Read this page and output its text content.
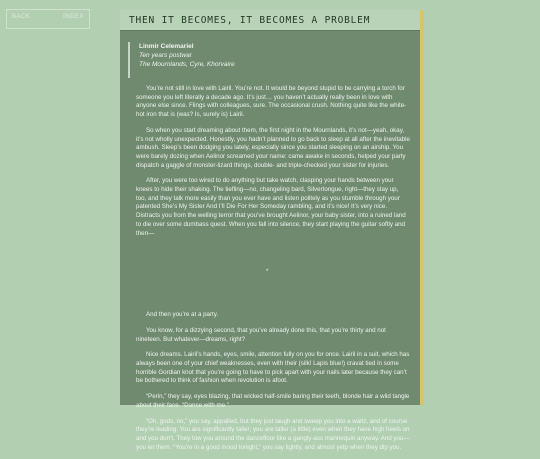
BACK	INDEX	THEN IT BECOMES, IT BECOMES A PROBLEM
Linmir Celemariel
Ten years postwar
The Mournlands, Cyre, Khorvaire

You’re not still in love with Lairil. You’re not. It would be beyond stupid to be carrying a torch for someone you left literally a decade ago. It’s just… you haven’t actually really been in love with anyone else since. Flings with colleagues, sure. The occasional crush. Nothing quite like the white-hot iron that is (was? Is, surely is) Lairil.

So when you start dreaming about them, the first night in the Mournlands, it’s not—yeah, okay, it’s not wholly unexpected. Honestly, you hadn’t planned to go back to sleep at all after the inevitable ambush. Sleep’s been dodging you lately, especially since you started sleeping on an airship. You were barely dozing when Aelinor screamed your name: came awake in seconds, helped your party dispatch a gaggle of monster-lizard things, double- and triple-checked your sister for injuries.

After, you were too wired to do anything but take watch, clasping your hands between your knees to hide their shaking. The tiefling—no, changeling bard, Silvertongue, right—they stay up, too, and they talk more easily than you ever have and listen politely as you stumble through your patented She’s My Sister And I’ll Die For Her Someday rambling, and it’s nice! It’s very nice. Distracts you from the welling terror that you’ve brought Aelinor, your baby sister, into a ruined land to die over some dumbass quest. When you fall into silence, they start playing the guitar softly and then—

*

And then you’re at a party.

You know, for a dizzying second, that you’ve already done this, that you’re thirty and not nineteen. But whatever—dreams, right?

Nice dreams. Lairil’s hands, eyes, smile, attention fully on you for once. Lairil in a suit, which has always been one of your chief weaknesses, even with their (silk! Lapis blue!) cravat tied in some horrible Gordian knot that you’re going to have to pick apart with your nails later because they can’t be bothered to think of fashion when revolution is afoot.

“Perin,” they say, eyes blazing, that wicked half-smile baring their teeth, blonde hair a wild tangle about their face. “Dance with me.”

“Oh, gods, no,” you say, appalled, but they just laugh and sweep you into a waltz, and of course they’re leading. You are significantly taller; you are taller (a little) even when they have high heels on and you don’t. They tow you around the dancefloor like a gangly-ass mannequin anyway. And you—you let them. “You’re in a good mood tonight,” you say lightly, and almost yelp when they dip you.
